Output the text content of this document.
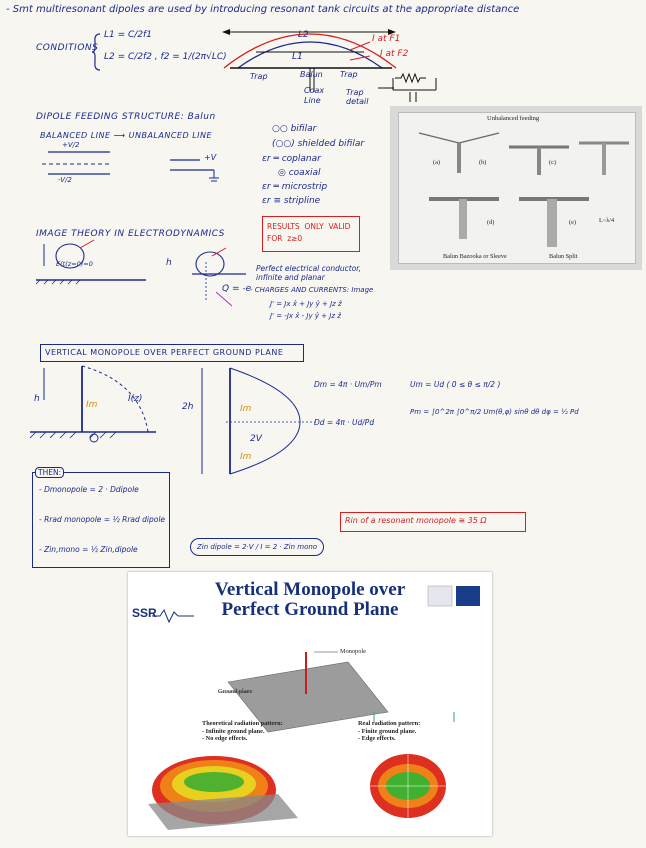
- Smt multiresonant dipoles are used by introducing resonant tank circuits at the appropriate distance
CONDITIONS
L1 = C/2f1
L2 = C/2f2 , f2 = 1/(2π√LC)
L2
L1
I at F1
I at F2
Trap	Balun Trap
Coax
Line
Trap
detail
DIPOLE FEEDING STRUCTURE: Balun
BALANCED LINE ⟶ UNBALANCED LINE
+V/2
-V/2
+V
○○ bifilar
(○○) shielded bifilar
εr ═ coplanar
◎ coaxial
εr ═ microstrip
εr ≡ stripline
Unbalanced feeding
(a)	(b)	(c)
(d)	(e)	L~λ/4
Balun Bazooka or Sleeve	Balun Split
IMAGE THEORY IN ELECTRODYNAMICS
RESULTS  ONLY  VALID
FOR  z≥0
E(t(z=0)=0	h
Q = -e
Perfect electrical conductor,
infinite and planar
- CHARGES AND CURRENTS: Image
J' = Jx x̂ + Jy ŷ + Jz ẑ
J' = -Jx x̂ - Jy ŷ + Jz ẑ
VERTICAL MONOPOLE OVER PERFECT GROUND PLANE
h	I(z)
Im	2h	Im
2V
Im
Dm = 4π · Um/Pm
Dd = 4π · Ud/Pd
Um = Ud ( 0 ≤ θ ≤ π/2 )
Pm = ∫0^2π ∫0^π/2 Um(θ,φ) sinθ dθ dφ = ½ Pd
THEN:
- Dmonopole = 2 · Ddipole
- Rrad monopole = ½ Rrad dipole
- Zin,mono = ½ Zin,dipole	Zin dipole = 2·V / I = 2 · Zin mono
Rin of a resonant monopole ≅ 35 Ω
Vertical Monopole over
Perfect Ground Plane
SSR
Monopole
Ground plane
Theoretical radiation pattern:
- Infinite ground plane.
- No edge effects.
Real radiation pattern:
- Finite ground plane.
- Edge effects.
